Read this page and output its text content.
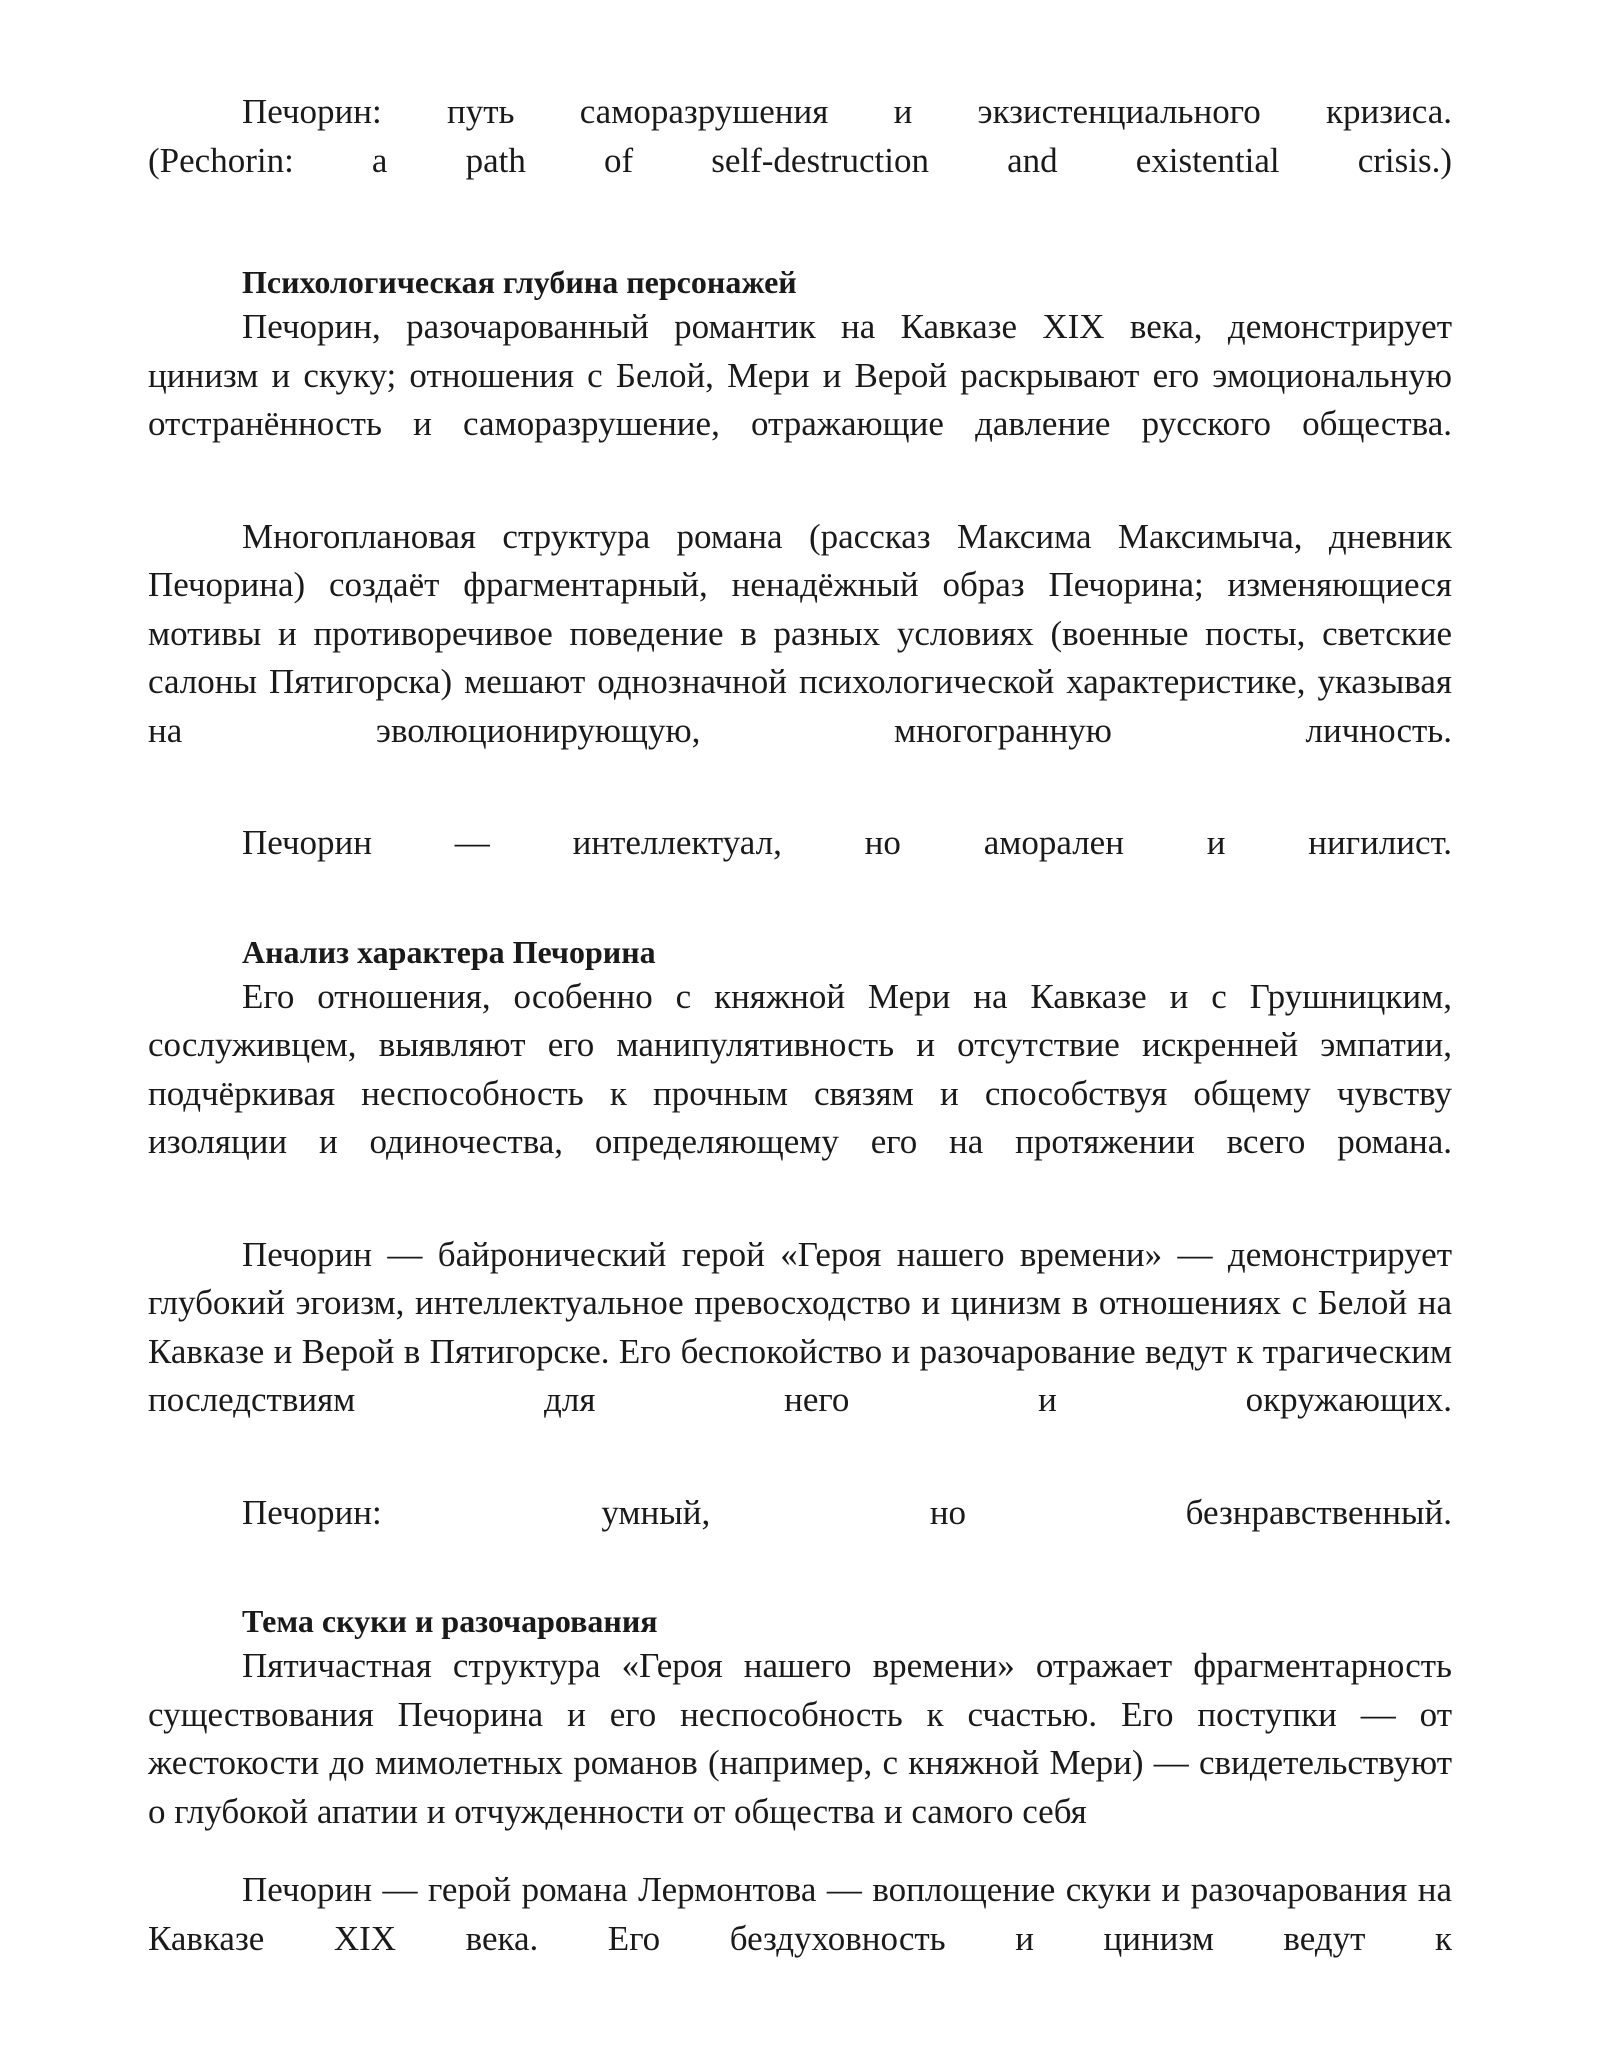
Печорин: путь саморазрушения и экзистенциального кризиса.

(Pechorin: a path of self-destruction and existential crisis.)

Психологическая глубина персонажей

Печорин, разочарованный романтик на Кавказе XIX века, демонстрирует цинизм и скуку; отношения с Белой, Мери и Верой раскрывают его эмоциональную отстранённость и саморазрушение, отражающие давление русского общества.

Многоплановая структура романа (рассказ Максима Максимыча, дневник Печорина) создаёт фрагментарный, ненадёжный образ Печорина; изменяющиеся мотивы и противоречивое поведение в разных условиях (военные посты, светские салоны Пятигорска) мешают однозначной психологической характеристике, указывая на эволюционирующую, многогранную личность.

Печорин — интеллектуал, но аморален и нигилист.

Анализ характера Печорина

Его отношения, особенно с княжной Мери на Кавказе и с Грушницким, сослуживцем, выявляют его манипулятивность и отсутствие искренней эмпатии, подчёркивая неспособность к прочным связям и способствуя общему чувству изоляции и одиночества, определяющему его на протяжении всего романа.

Печорин — байронический герой «Героя нашего времени» — демонстрирует глубокий эгоизм, интеллектуальное превосходство и цинизм в отношениях с Белой на Кавказе и Верой в Пятигорске. Его беспокойство и разочарование ведут к трагическим последствиям для него и окружающих.

Печорин: умный, но безнравственный.

Тема скуки и разочарования

Пятичастная структура «Героя нашего времени» отражает фрагментарность существования Печорина и его неспособность к счастью. Его поступки — от жестокости до мимолетных романов (например, с княжной Мери) — свидетельствуют о глубокой апатии и отчужденности от общества и самого себя

Печорин — герой романа Лермонтова — воплощение скуки и разочарования на Кавказе XIX века. Его бездуховность и цинизм ведут к
